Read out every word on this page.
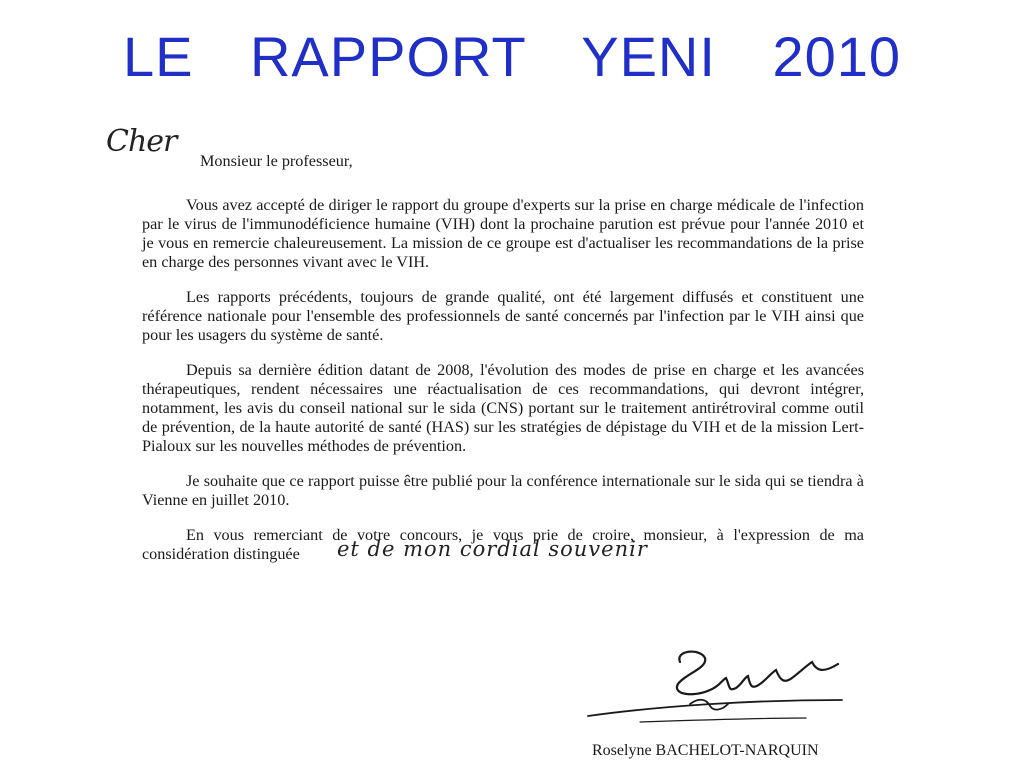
LE RAPPORT YENI 2010
Cher
Monsieur le professeur,

Vous avez accepté de diriger le rapport du groupe d'experts sur la prise en charge médicale de l'infection par le virus de l'immunodéficience humaine (VIH) dont la prochaine parution est prévue pour l'année 2010 et je vous en remercie chaleureusement. La mission de ce groupe est d'actualiser les recommandations de la prise en charge des personnes vivant avec le VIH.

Les rapports précédents, toujours de grande qualité, ont été largement diffusés et constituent une référence nationale pour l'ensemble des professionnels de santé concernés par l'infection par le VIH ainsi que pour les usagers du système de santé.

Depuis sa dernière édition datant de 2008, l'évolution des modes de prise en charge et les avancées thérapeutiques, rendent nécessaires une réactualisation de ces recommandations, qui devront intégrer, notamment, les avis du conseil national sur le sida (CNS) portant sur le traitement antirétroviral comme outil de prévention, de la haute autorité de santé (HAS) sur les stratégies de dépistage du VIH et de la mission Lert-Pialoux sur les nouvelles méthodes de prévention.

Je souhaite que ce rapport puisse être publié pour la conférence internationale sur le sida qui se tiendra à Vienne en juillet 2010.

En vous remerciant de votre concours, je vous prie de croire, monsieur, à l'expression de ma considération distinguée	et de mon cordial souvenir
Roselyne BACHELOT-NARQUIN
